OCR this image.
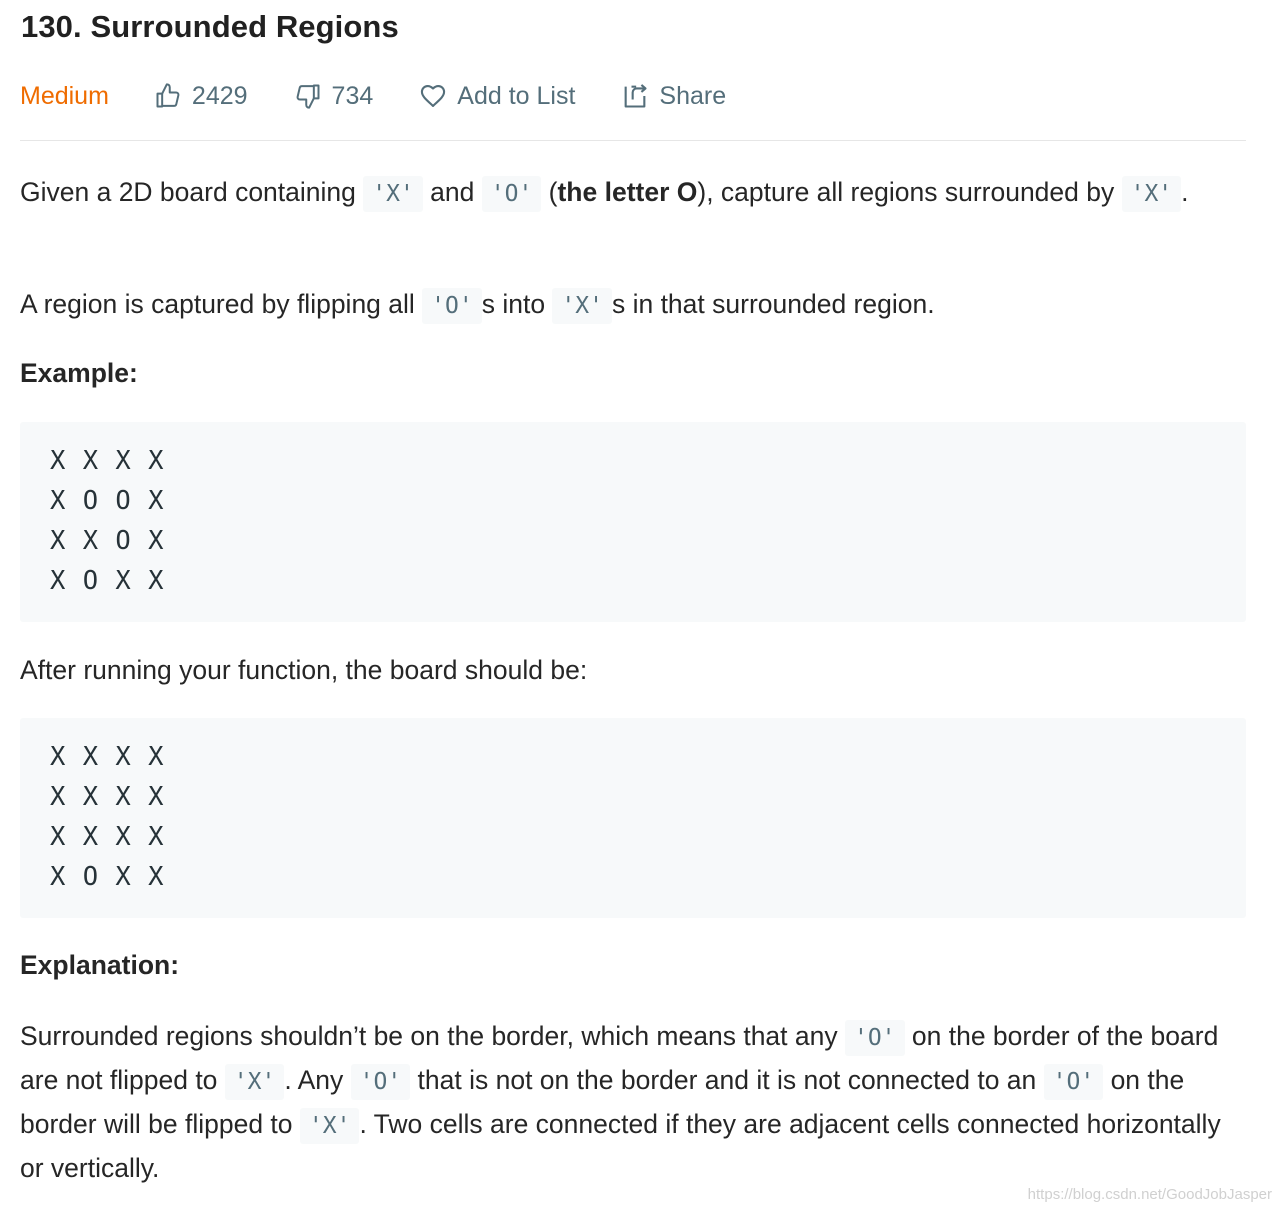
130. Surrounded Regions
Medium	2429	734	Add to List	Share
Given a 2D board containing 'X' and 'O' (the letter O), capture all regions surrounded by 'X' .
A region is captured by flipping all 'O' s into 'X' s in that surrounded region.
Example:
X X X X
X O O X
X X O X
X O X X
After running your function, the board should be:
X X X X
X X X X
X X X X
X O X X
Explanation:
Surrounded regions shouldn’t be on the border, which means that any 'O' on the border of the board are not flipped to 'X' . Any 'O' that is not on the border and it is not connected to an 'O' on the border will be flipped to 'X' . Two cells are connected if they are adjacent cells connected horizontally or vertically.
https://blog.csdn.net/GoodJobJasper
